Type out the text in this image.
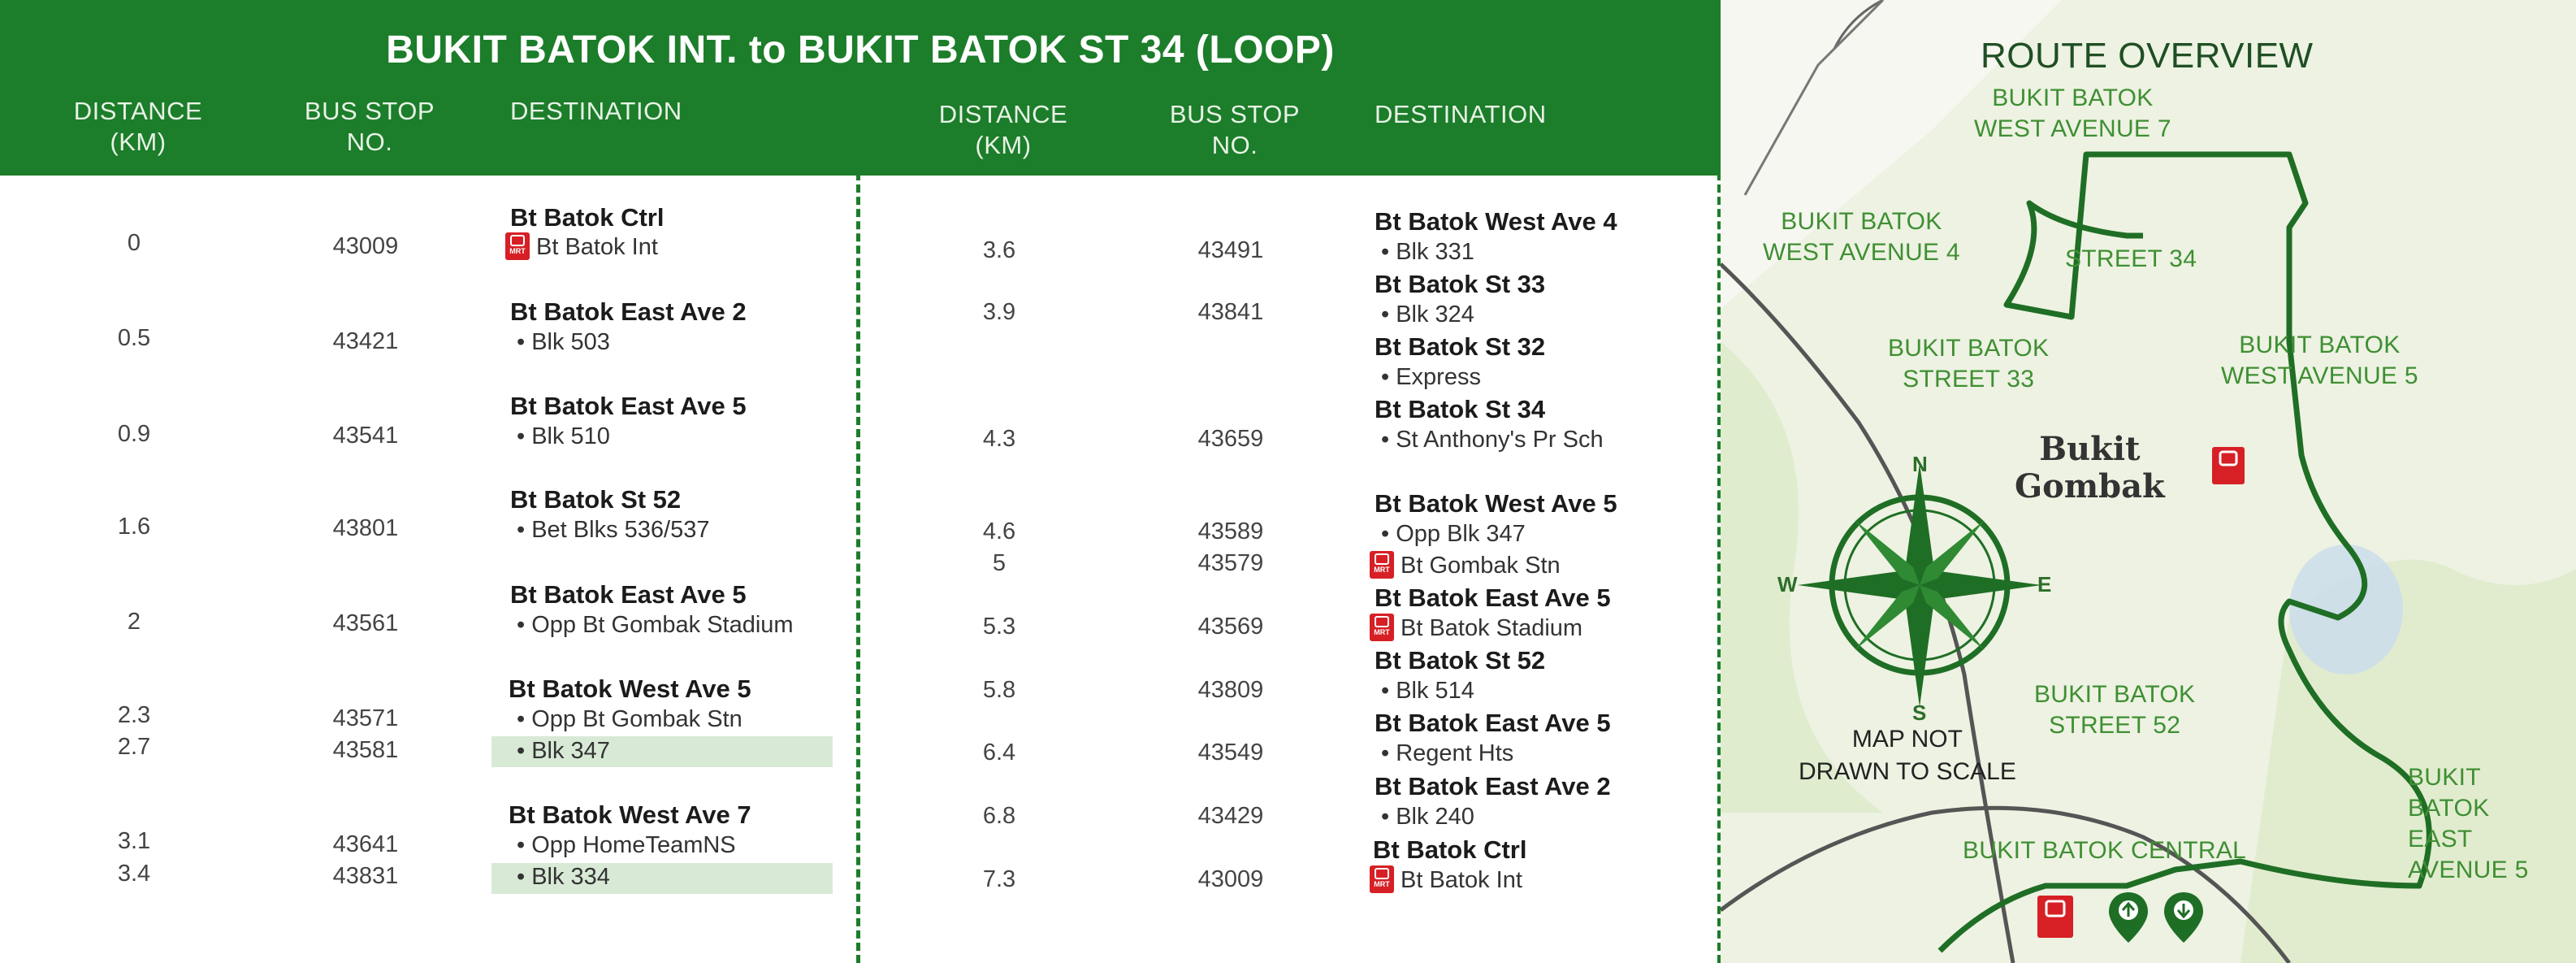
BUKIT BATOK INT. to BUKIT BATOK ST 34 (LOOP)
DISTANCE
(KM)
BUS STOP
NO.
DESTINATION	DISTANCE
(KM)
BUS STOP
NO.
DESTINATION
0	43009
Bt Batok Ctrl
MRT Bt Batok Int
0.5	43421
Bt Batok East Ave 2
• Blk 503
0.9	43541
Bt Batok East Ave 5
• Blk 510
1.6	43801
Bt Batok St 52
• Bet Blks 536/537
2	43561
Bt Batok East Ave 5
• Opp Bt Gombak Stadium
2.3	43571
Bt Batok West Ave 5
• Opp Bt Gombak Stn
2.7	43581	• Blk 347
3.1	43641
Bt Batok West Ave 7
• Opp HomeTeamNS
3.4	43831	• Blk 334
3.6	43491
Bt Batok West Ave 4
• Blk 331
3.9	43841
Bt Batok St 33
• Blk 324
Bt Batok St 32
• Express
4.3	43659
Bt Batok St 34
• St Anthony's Pr Sch
4.6	43589
Bt Batok West Ave 5
• Opp Blk 347
5	43579	MRT Bt Gombak Stn
5.3	43569
Bt Batok East Ave 5
MRT Bt Batok Stadium
5.8	43809
Bt Batok St 52
• Blk 514
6.4	43549
Bt Batok East Ave 5
• Regent Hts
6.8	43429
Bt Batok East Ave 2
• Blk 240
7.3	43009
Bt Batok Ctrl
MRT Bt Batok Int
ROUTE OVERVIEW
BUKIT BATOK
WEST AVENUE 7
BUKIT BATOK
WEST AVENUE 4	STREET 34
BUKIT BATOK
STREET 33
BUKIT BATOK
WEST AVENUE 5
Bukit
Gombak
BUKIT BATOK
STREET 52
BUKIT
BATOK
EAST
AVENUE 5
BUKIT BATOK CENTRAL
MAP NOT
DRAWN TO SCALE
N
S
E
W
